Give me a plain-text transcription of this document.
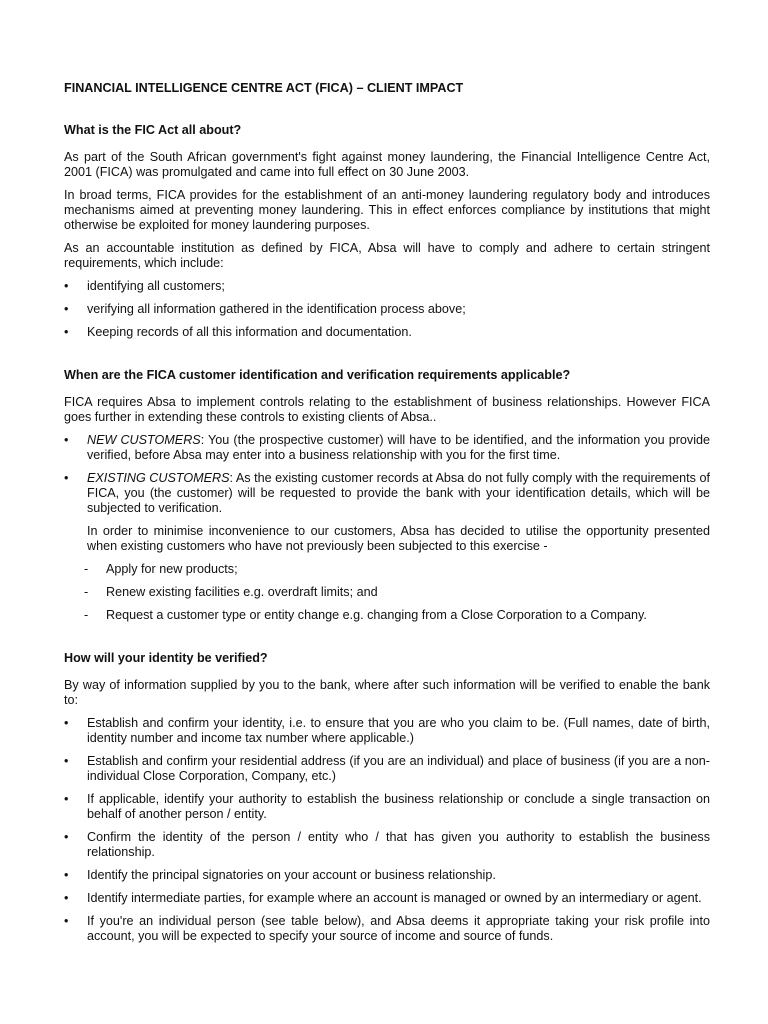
FINANCIAL INTELLIGENCE CENTRE ACT (FICA) – CLIENT IMPACT
What is the FIC Act all about?

As part of the South African government's fight against money laundering, the Financial Intelligence Centre Act, 2001 (FICA) was promulgated and came into full effect on 30 June 2003.

In broad terms, FICA provides for the establishment of an anti-money laundering regulatory body and introduces mechanisms aimed at preventing money laundering. This in effect enforces compliance by institutions that might otherwise be exploited for money laundering purposes.

As an accountable institution as defined by FICA, Absa will have to comply and adhere to certain stringent requirements, which include:

• identifying all customers;
• verifying all information gathered in the identification process above;
• Keeping records of all this information and documentation.
When are the FICA customer identification and verification requirements applicable?

FICA requires Absa to implement controls relating to the establishment of business relationships. However FICA goes further in extending these controls to existing clients of Absa..

• NEW CUSTOMERS: You (the prospective customer) will have to be identified, and the information you provide verified, before Absa may enter into a business relationship with you for the first time.
• EXISTING CUSTOMERS: As the existing customer records at Absa do not fully comply with the requirements of FICA, you (the customer) will be requested to provide the bank with your identification details, which will be subjected to verification.
In order to minimise inconvenience to our customers, Absa has decided to utilise the opportunity presented when existing customers who have not previously been subjected to this exercise -
- Apply for new products;
- Renew existing facilities e.g. overdraft limits; and
- Request a customer type or entity change e.g. changing from a Close Corporation to a Company.
How will your identity be verified?

By way of information supplied by you to the bank, where after such information will be verified to enable the bank to:

• Establish and confirm your identity, i.e. to ensure that you are who you claim to be. (Full names, date of birth, identity number and income tax number where applicable.)
• Establish and confirm your residential address (if you are an individual) and place of business (if you are a non-individual Close Corporation, Company, etc.)
• If applicable, identify your authority to establish the business relationship or conclude a single transaction on behalf of another person / entity.
• Confirm the identity of the person / entity who / that has given you authority to establish the business relationship.
• Identify the principal signatories on your account or business relationship.
• Identify intermediate parties, for example where an account is managed or owned by an intermediary or agent.
• If you're an individual person (see table below), and Absa deems it appropriate taking your risk profile into account, you will be expected to specify your source of income and source of funds.
